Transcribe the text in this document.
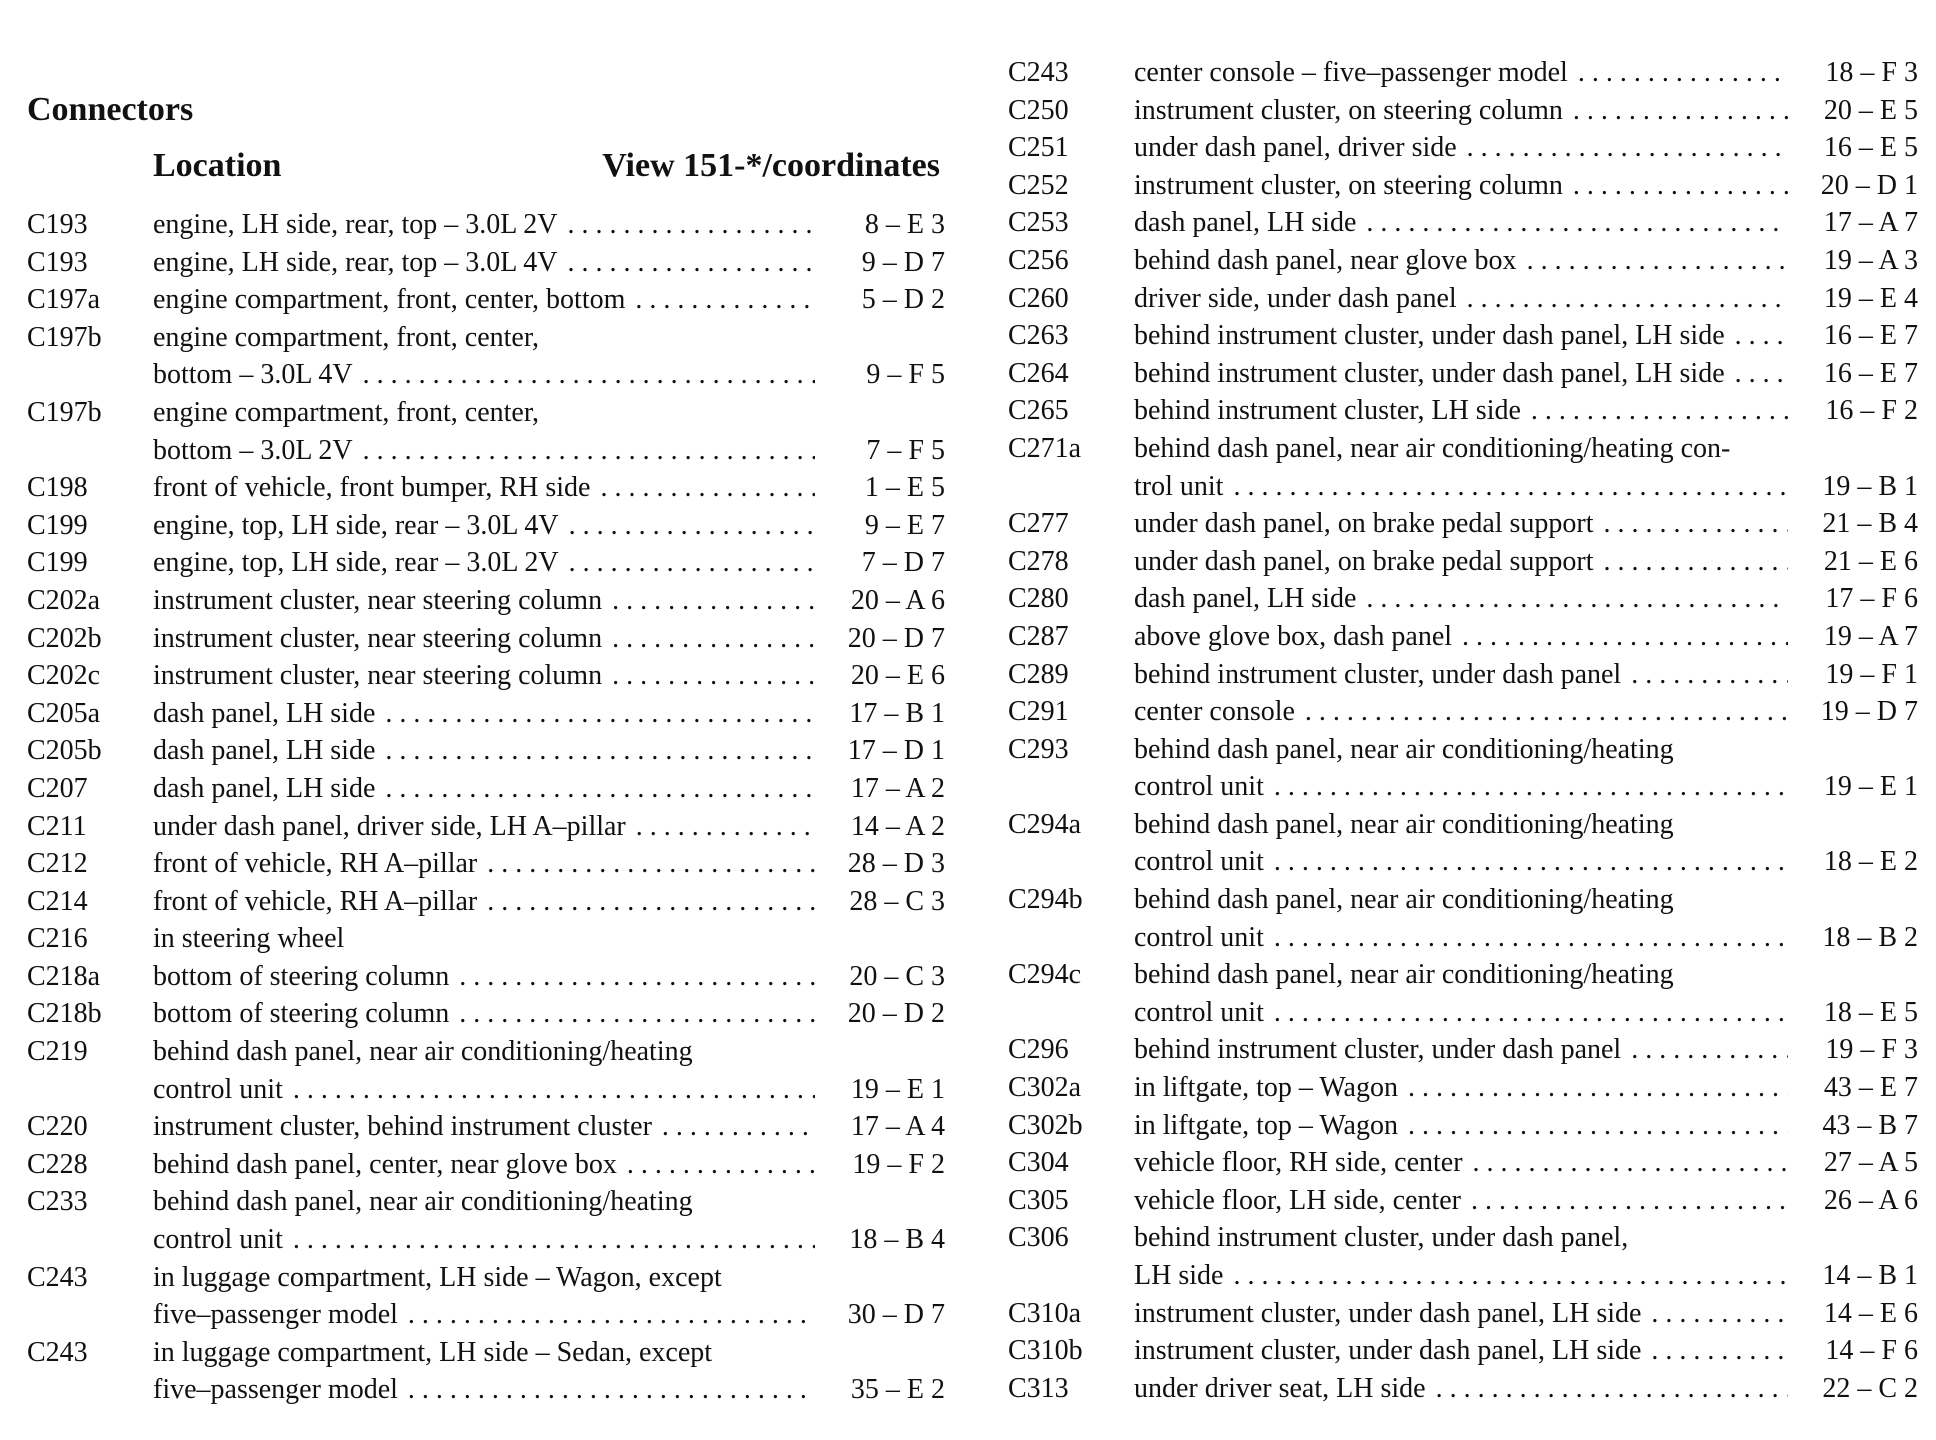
Connectors
Location	View 151-*/coordinates
C193	engine, LH side, rear, top – 3.0L 2V .....	8 – E 3
C193	engine, LH side, rear, top – 3.0L 4V .....	9 – D 7
C197a	engine compartment, front, center, bottom .....	5 – D 2
C197b	engine compartment, front, center,
bottom – 3.0L 4V .....	9 – F 5
C197b	engine compartment, front, center,
bottom – 3.0L 2V .....	7 – F 5
C198	front of vehicle, front bumper, RH side .....	1 – E 5
C199	engine, top, LH side, rear – 3.0L 4V .....	9 – E 7
C199	engine, top, LH side, rear – 3.0L 2V .....	7 – D 7
C202a	instrument cluster, near steering column .....	20 – A 6
C202b	instrument cluster, near steering column .....	20 – D 7
C202c	instrument cluster, near steering column .....	20 – E 6
C205a	dash panel, LH side .....	17 – B 1
C205b	dash panel, LH side .....	17 – D 1
C207	dash panel, LH side .....	17 – A 2
C211	under dash panel, driver side, LH A–pillar .....	14 – A 2
C212	front of vehicle, RH A–pillar .....	28 – D 3
C214	front of vehicle, RH A–pillar .....	28 – C 3
C216	in steering wheel
C218a	bottom of steering column .....	20 – C 3
C218b	bottom of steering column .....	20 – D 2
C219	behind dash panel, near air conditioning/heating
control unit .....	19 – E 1
C220	instrument cluster, behind instrument cluster .....	17 – A 4
C228	behind dash panel, center, near glove box .....	19 – F 2
C233	behind dash panel, near air conditioning/heating
control unit .....	18 – B 4
C243	in luggage compartment, LH side – Wagon, except
five–passenger model .....	30 – D 7
C243	in luggage compartment, LH side – Sedan, except
five–passenger model .....	35 – E 2
C243	center console – five–passenger model .....	18 – F 3
C250	instrument cluster, on steering column .....	20 – E 5
C251	under dash panel, driver side .....	16 – E 5
C252	instrument cluster, on steering column .....	20 – D 1
C253	dash panel, LH side .....	17 – A 7
C256	behind dash panel, near glove box .....	19 – A 3
C260	driver side, under dash panel .....	19 – E 4
C263	behind instrument cluster, under dash panel, LH side .....	16 – E 7
C264	behind instrument cluster, under dash panel, LH side .....	16 – E 7
C265	behind instrument cluster, LH side .....	16 – F 2
C271a	behind dash panel, near air conditioning/heating con-
trol unit .....	19 – B 1
C277	under dash panel, on brake pedal support .....	21 – B 4
C278	under dash panel, on brake pedal support .....	21 – E 6
C280	dash panel, LH side .....	17 – F 6
C287	above glove box, dash panel .....	19 – A 7
C289	behind instrument cluster, under dash panel .....	19 – F 1
C291	center console .....	19 – D 7
C293	behind dash panel, near air conditioning/heating
control unit .....	19 – E 1
C294a	behind dash panel, near air conditioning/heating
control unit .....	18 – E 2
C294b	behind dash panel, near air conditioning/heating
control unit .....	18 – B 2
C294c	behind dash panel, near air conditioning/heating
control unit .....	18 – E 5
C296	behind instrument cluster, under dash panel .....	19 – F 3
C302a	in liftgate, top – Wagon .....	43 – E 7
C302b	in liftgate, top – Wagon .....	43 – B 7
C304	vehicle floor, RH side, center .....	27 – A 5
C305	vehicle floor, LH side, center .....	26 – A 6
C306	behind instrument cluster, under dash panel,
LH side .....	14 – B 1
C310a	instrument cluster, under dash panel, LH side .....	14 – E 6
C310b	instrument cluster, under dash panel, LH side .....	14 – F 6
C313	under driver seat, LH side .....	22 – C 2
